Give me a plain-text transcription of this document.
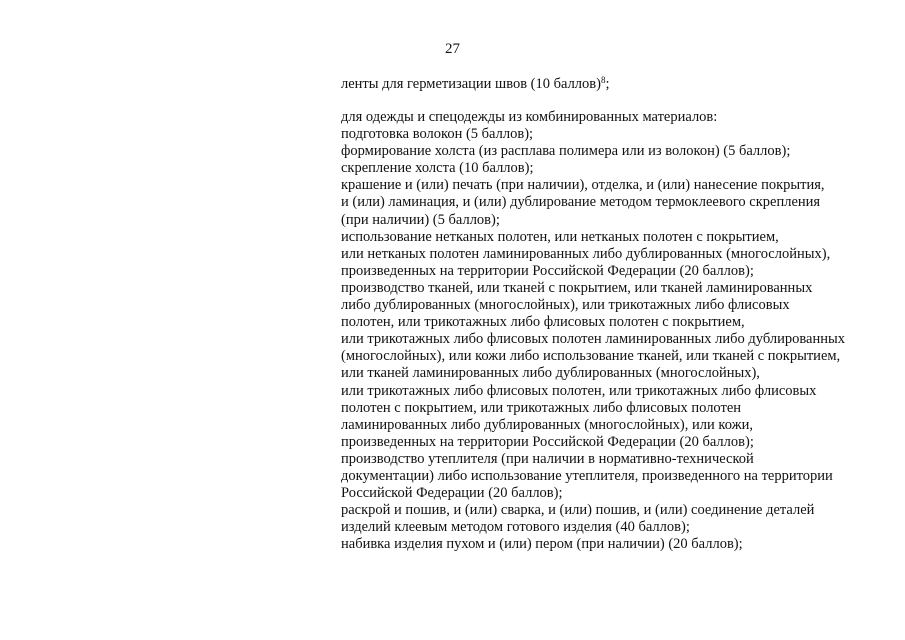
27
ленты для герметизации швов (10 баллов)$^8$;
для одежды и спецодежды из комбинированных материалов:
подготовка волокон (5 баллов);
формирование холста (из расплава полимера или из волокон) (5 баллов);
скрепление холста (10 баллов);
крашение и (или) печать (при наличии), отделка, и (или) нанесение покрытия,
и (или) ламинация, и (или) дублирование методом термоклеевого скрепления
(при наличии) (5 баллов);
использование нетканых полотен, или нетканых полотен с покрытием,
или нетканых полотен ламинированных либо дублированных (многослойных),
произведенных на территории Российской Федерации (20 баллов);
производство тканей, или тканей с покрытием, или тканей ламинированных
либо дублированных (многослойных), или трикотажных либо флисовых
полотен, или трикотажных либо флисовых полотен с покрытием,
или трикотажных либо флисовых полотен ламинированных либо дублированных
(многослойных), или кожи либо использование тканей, или тканей с покрытием,
или тканей ламинированных либо дублированных (многослойных),
или трикотажных либо флисовых полотен, или трикотажных либо флисовых
полотен с покрытием, или трикотажных либо флисовых полотен
ламинированных либо дублированных (многослойных), или кожи,
произведенных на территории Российской Федерации (20 баллов);
производство утеплителя (при наличии в нормативно-технической
документации) либо использование утеплителя, произведенного на территории
Российской Федерации (20 баллов);
раскрой и пошив, и (или) сварка, и (или) пошив, и (или) соединение деталей
изделий клеевым методом готового изделия (40 баллов);
набивка изделия пухом и (или) пером (при наличии) (20 баллов);
